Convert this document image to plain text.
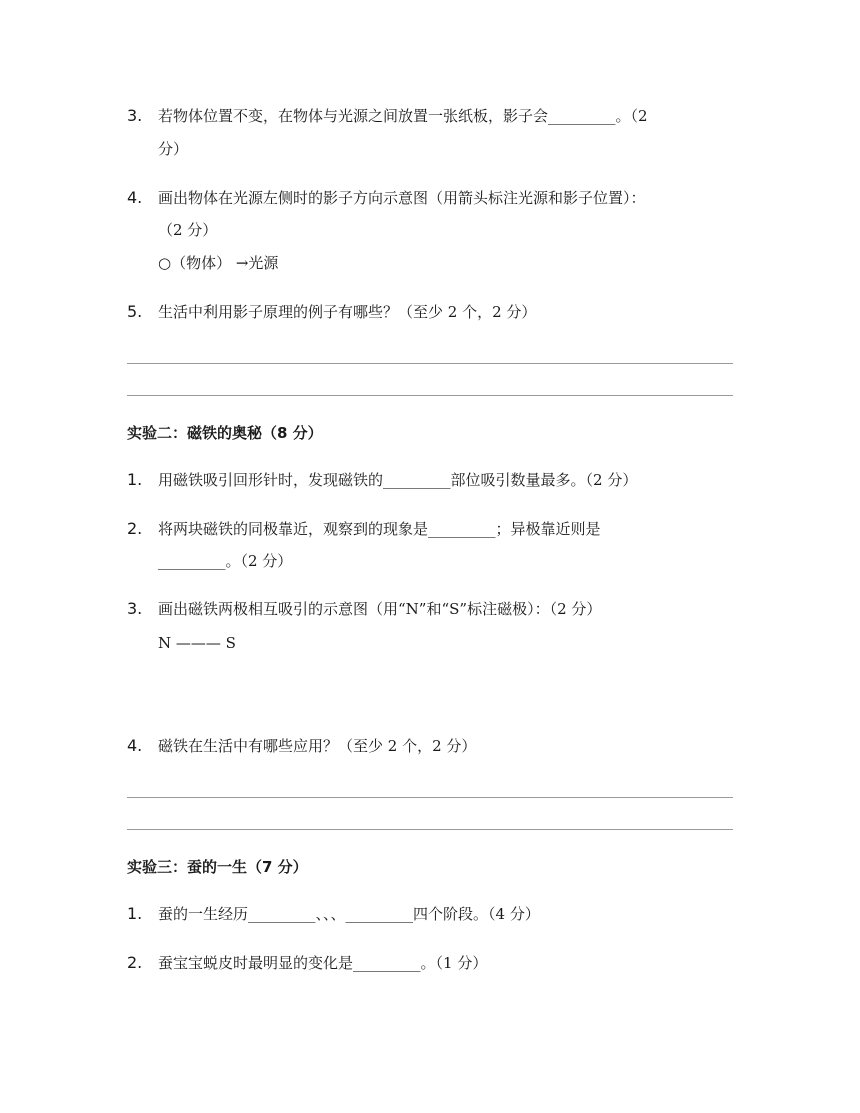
3. 若物体位置不变，在物体与光源之间放置一张纸板，影子会_________。（2
分）
4. 画出物体在光源左侧时的影子方向示意图（用箭头标注光源和影子位置）：
（2 分）
○（物体） →光源
5. 生活中利用影子原理的例子有哪些？（至少 2 个，2 分）
实验二：磁铁的奥秘（8 分）
1. 用磁铁吸引回形针时，发现磁铁的_________部位吸引数量最多。（2 分）
2. 将两块磁铁的同极靠近，观察到的现象是_________；异极靠近则是
_________。（2 分）
3. 画出磁铁两极相互吸引的示意图（用“N”和“S”标注磁极）：（2 分）
N ——— S
4. 磁铁在生活中有哪些应用？（至少 2 个，2 分）
实验三：蚕的一生（7 分）
1. 蚕的一生经历_________、、、_________四个阶段。（4 分）
2. 蚕宝宝蜕皮时最明显的变化是_________。（1 分）
